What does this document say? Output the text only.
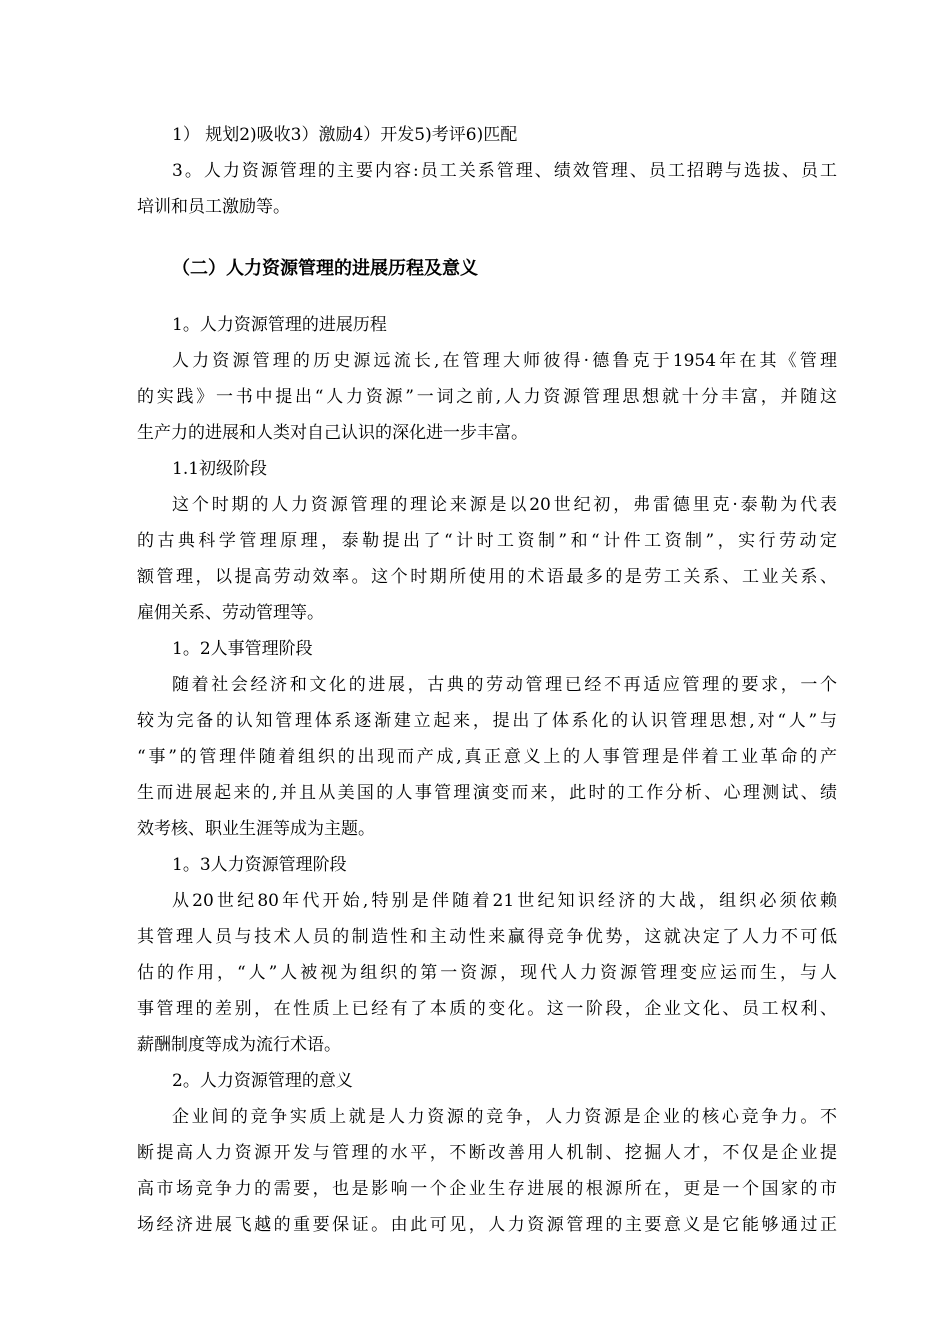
1） 规划2)吸收3）激励4）开发5)考评6)匹配
3。人力资源管理的主要内容:员工关系管理、绩效管理、员工招聘与选拔、员工
培训和员工激励等。
（二）人力资源管理的进展历程及意义
1。人力资源管理的进展历程
人力资源管理的历史源远流长,在管理大师彼得·德鲁克于1954年在其《管理
的实践》一书中提出“人力资源”一词之前,人力资源管理思想就十分丰富，并随这
生产力的进展和人类对自己认识的深化进一步丰富。
1.1初级阶段
这个时期的人力资源管理的理论来源是以20世纪初，弗雷德里克·泰勒为代表
的古典科学管理原理，泰勒提出了“计时工资制”和“计件工资制”，实行劳动定
额管理，以提高劳动效率。这个时期所使用的术语最多的是劳工关系、工业关系、
雇佣关系、劳动管理等。
1。2人事管理阶段
随着社会经济和文化的进展，古典的劳动管理已经不再适应管理的要求，一个
较为完备的认知管理体系逐渐建立起来，提出了体系化的认识管理思想,对“人”与
“事”的管理伴随着组织的出现而产成,真正意义上的人事管理是伴着工业革命的产
生而进展起来的,并且从美国的人事管理演变而来，此时的工作分析、心理测试、绩
效考核、职业生涯等成为主题。
1。3人力资源管理阶段
从20世纪80年代开始,特别是伴随着21世纪知识经济的大战，组织必须依赖
其管理人员与技术人员的制造性和主动性来赢得竞争优势，这就决定了人力不可低
估的作用，“人”人被视为组织的第一资源，现代人力资源管理变应运而生，与人
事管理的差别，在性质上已经有了本质的变化。这一阶段，企业文化、员工权利、
薪酬制度等成为流行术语。
2。人力资源管理的意义
企业间的竞争实质上就是人力资源的竞争，人力资源是企业的核心竞争力。不
断提高人力资源开发与管理的水平，不断改善用人机制、挖掘人才，不仅是企业提
高市场竞争力的需要，也是影响一个企业生存进展的根源所在，更是一个国家的市
场经济进展飞越的重要保证。由此可见，人力资源管理的主要意义是它能够通过正
